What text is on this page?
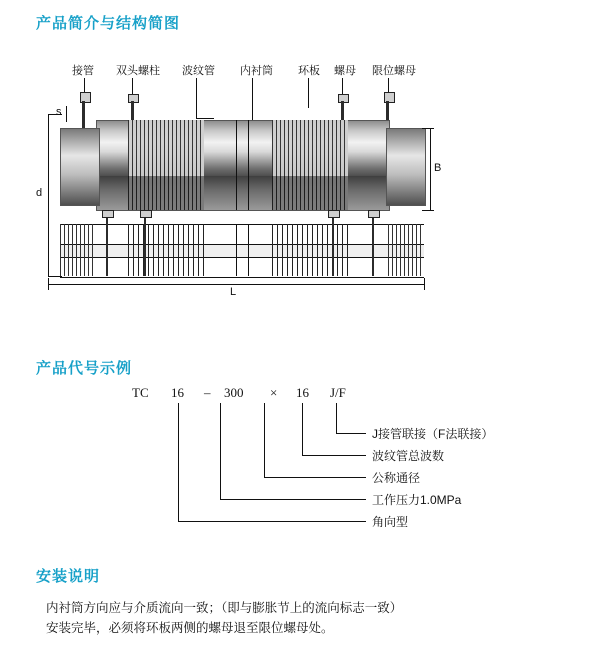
产品简介与结构简图
接管 双头螺柱 波纹管 内衬筒 环板 螺母 限位螺母
d
s
B
L
产品代号示例
TC 16 – 300 × 16 J/F
J接管联接（F法联接）
波纹管总波数
公称通径
工作压力1.0MPa
角向型
安装说明
内衬筒方向应与介质流向一致；（即与膨胀节上的流向标志一致）
安装完毕，必须将环板两侧的螺母退至限位螺母处。
